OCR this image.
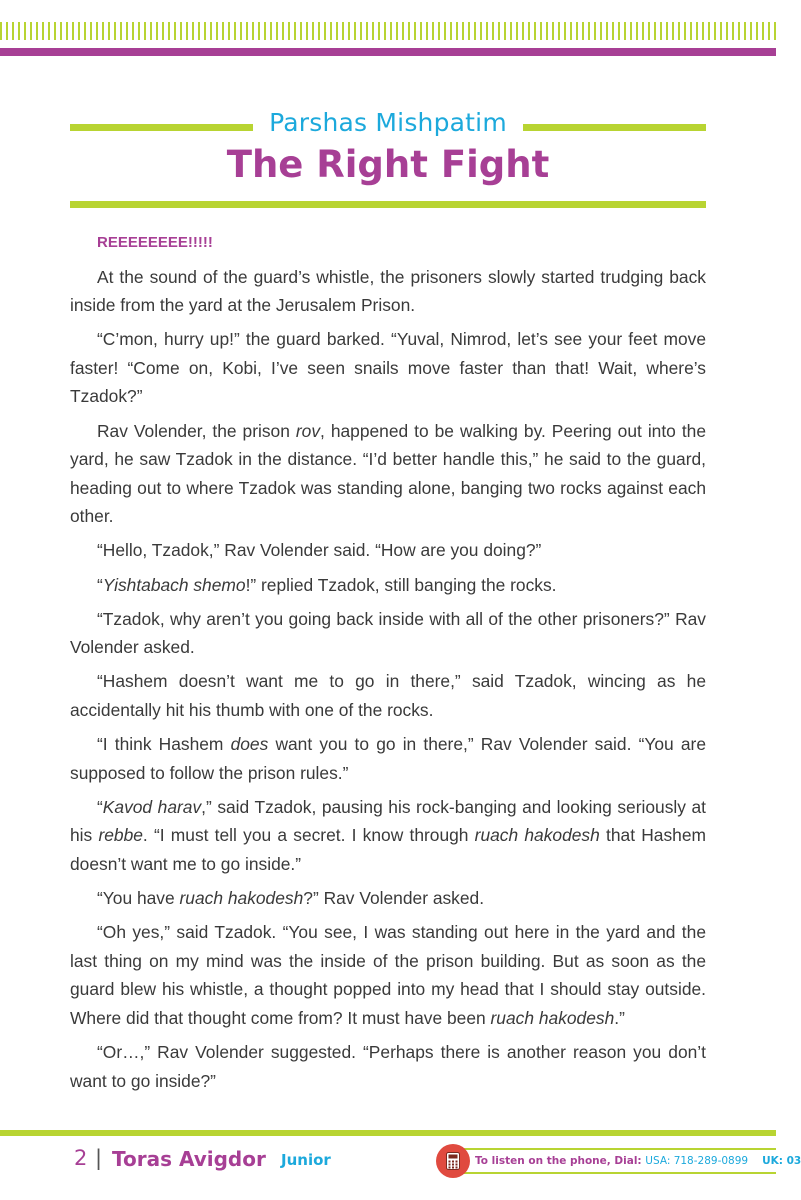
Parshas Mishpatim
The Right Fight

REEEEEEEE!!!!!

At the sound of the guard’s whistle, the prisoners slowly started trudging back inside from the yard at the Jerusalem Prison.

“C’mon, hurry up!” the guard barked. “Yuval, Nimrod, let’s see your feet move faster! “Come on, Kobi, I’ve seen snails move faster than that! Wait, where’s Tzadok?”

Rav Volender, the prison rov, happened to be walking by. Peering out into the yard, he saw Tzadok in the distance. “I’d better handle this,” he said to the guard, heading out to where Tzadok was standing alone, banging two rocks against each other.

“Hello, Tzadok,” Rav Volender said. “How are you doing?”

“Yishtabach shemo!” replied Tzadok, still banging the rocks.

“Tzadok, why aren’t you going back inside with all of the other prisoners?” Rav Volender asked.

“Hashem doesn’t want me to go in there,” said Tzadok, wincing as he accidentally hit his thumb with one of the rocks.

“I think Hashem does want you to go in there,” Rav Volender said. “You are supposed to follow the prison rules.”

“Kavod harav,” said Tzadok, pausing his rock-banging and looking seriously at his rebbe. “I must tell you a secret. I know through ruach hakodesh that Hashem doesn’t want me to go inside.”

“You have ruach hakodesh?” Rav Volender asked.

“Oh yes,” said Tzadok. “You see, I was standing out here in the yard and the last thing on my mind was the inside of the prison building. But as soon as the guard blew his whistle, a thought popped into my head that I should stay outside. Where did that thought come from? It must have been ruach hakodesh.”

“Or…,” Rav Volender suggested. “Perhaps there is another reason you don’t want to go inside?”

2 | Toras Avigdor Junior	To listen on the phone, Dial: USA: 718-289-0899 UK: 03
